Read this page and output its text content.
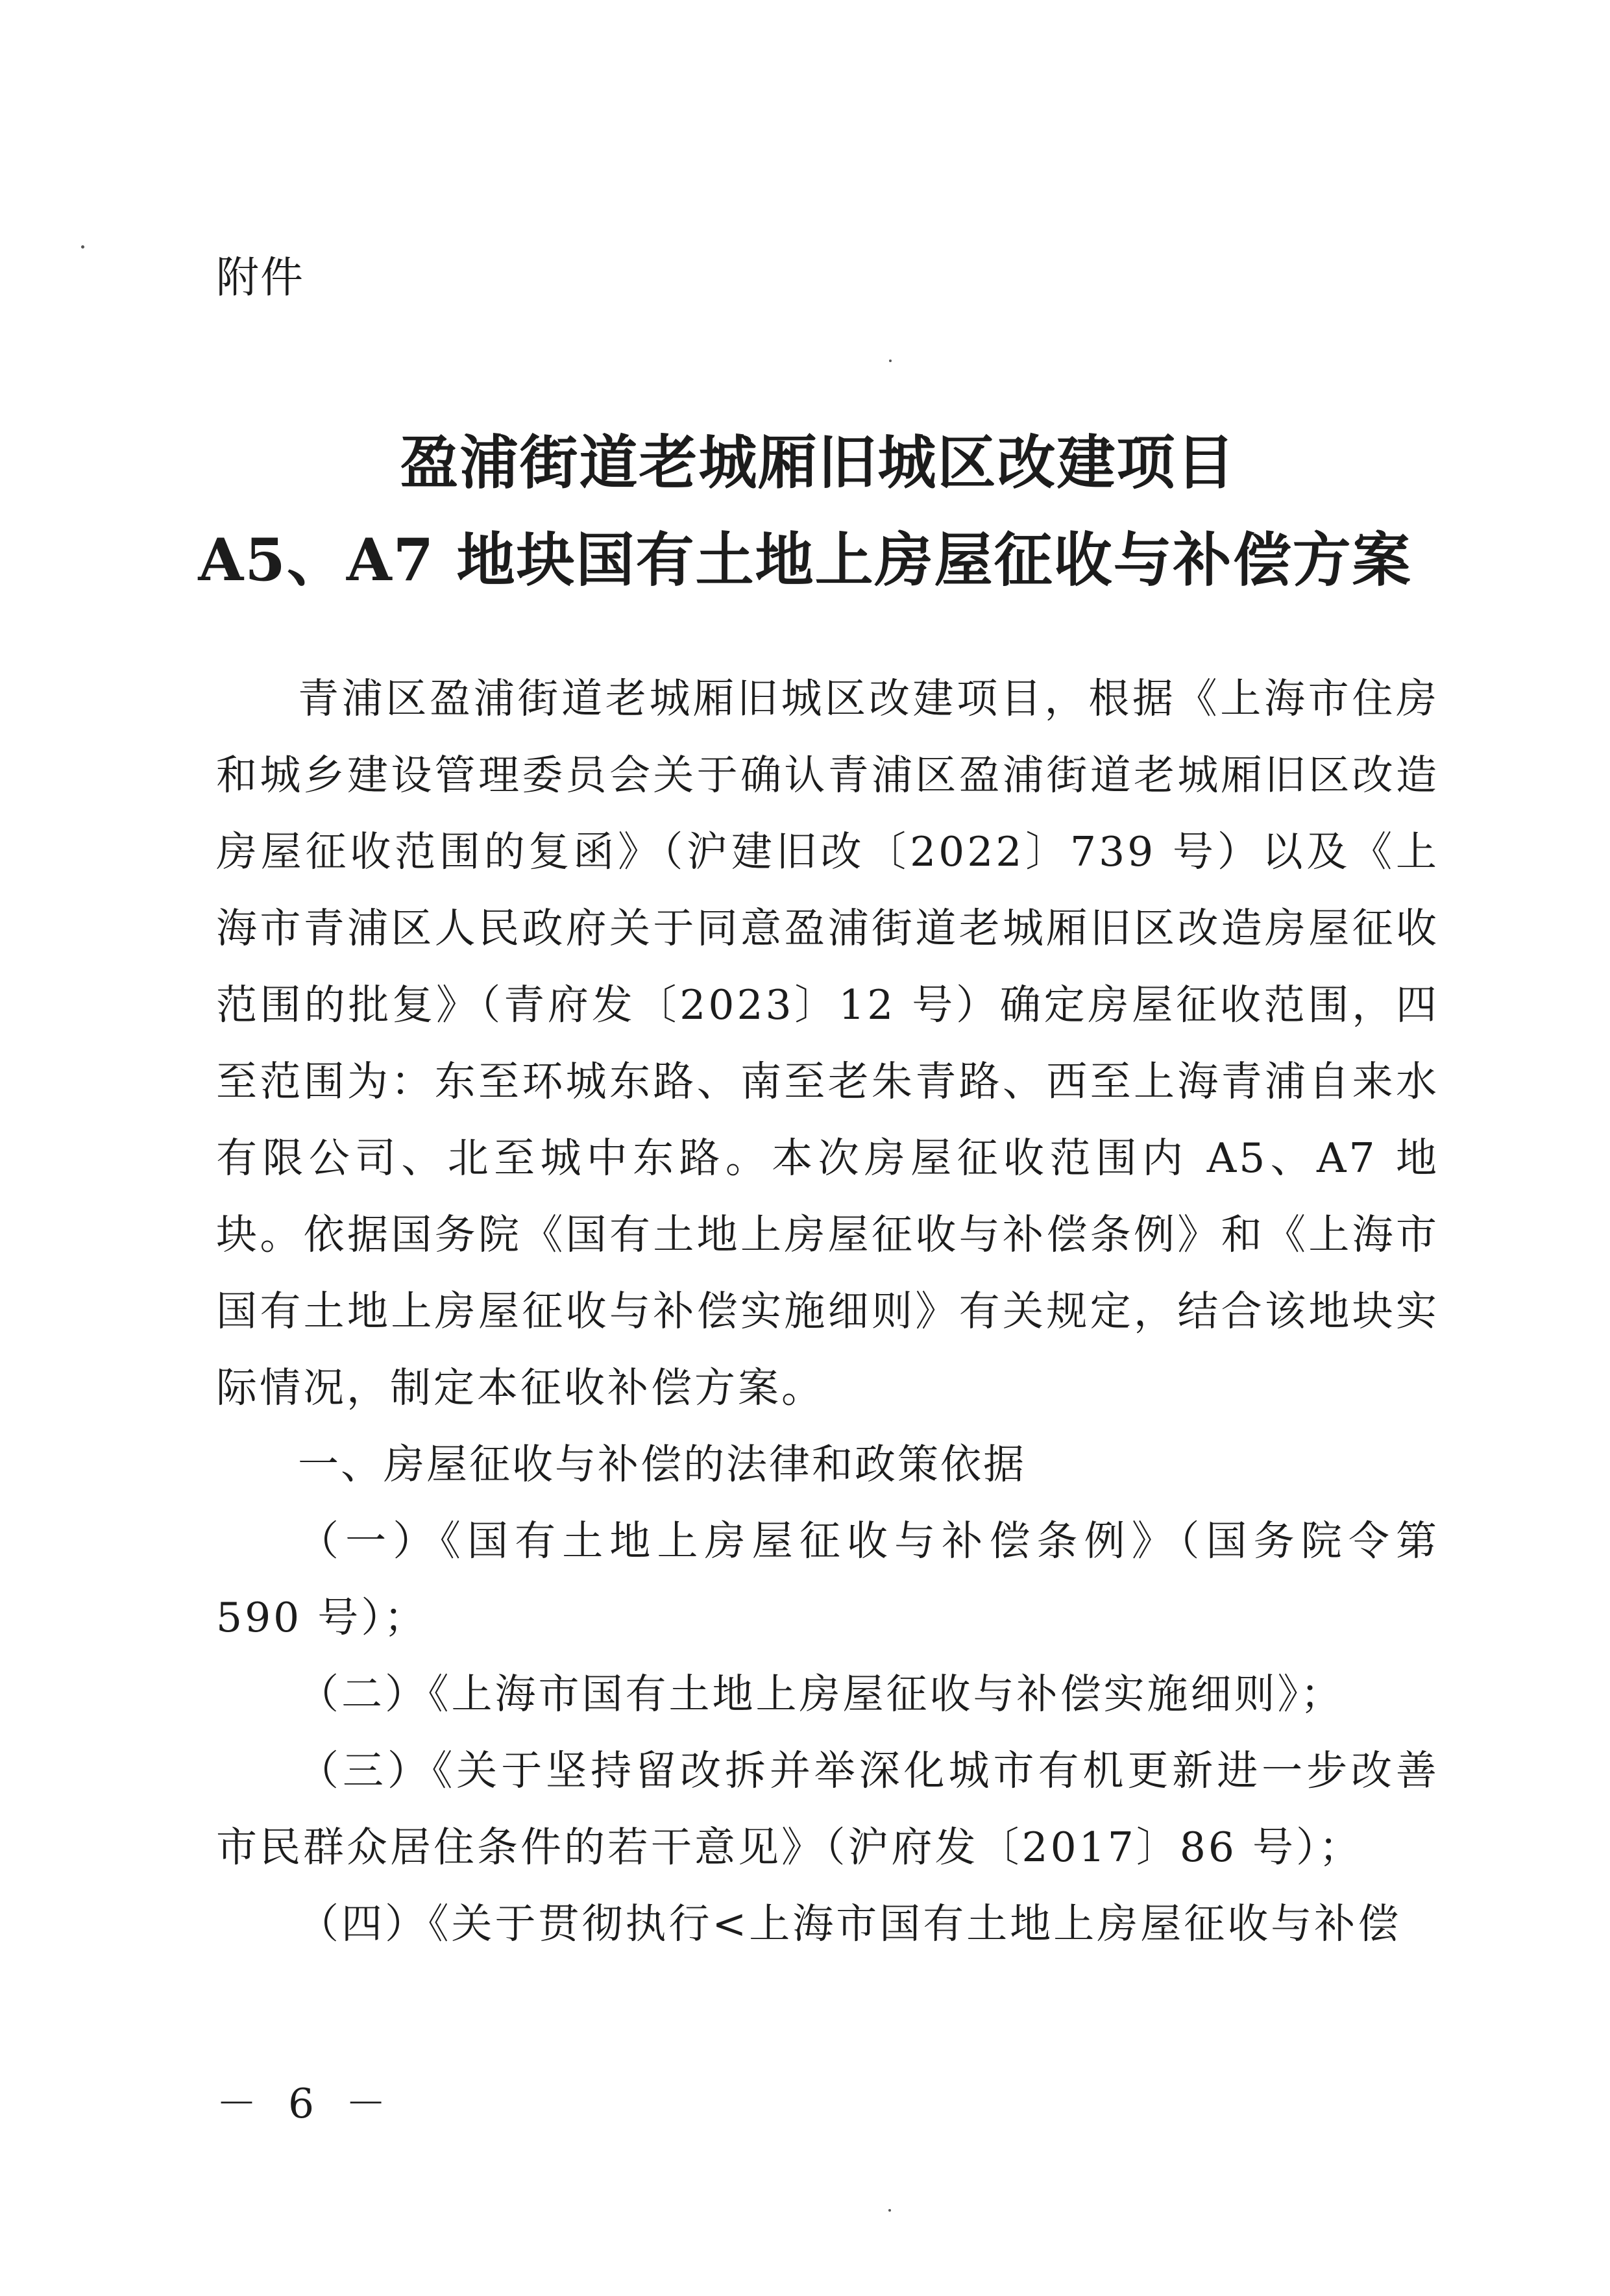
附件
盈浦街道老城厢旧城区改建项目
A5、A7 地块国有土地上房屋征收与补偿方案

青浦区盈浦街道老城厢旧城区改建项目，根据《上海市住房和城乡建设管理委员会关于确认青浦区盈浦街道老城厢旧区改造房屋征收范围的复函》（沪建旧改〔2022〕739 号）以及《上海市青浦区人民政府关于同意盈浦街道老城厢旧区改造房屋征收范围的批复》（青府发〔2023〕12 号）确定房屋征收范围，四至范围为：东至环城东路、南至老朱青路、西至上海青浦自来水有限公司、北至城中东路。本次房屋征收范围内 A5、A7 地块。依据国务院《国有土地上房屋征收与补偿条例》和《上海市国有土地上房屋征收与补偿实施细则》有关规定，结合该地块实际情况，制定本征收补偿方案。

一、房屋征收与补偿的法律和政策依据

（一）《国有土地上房屋征收与补偿条例》（国务院令第 590 号）；

（二）《上海市国有土地上房屋征收与补偿实施细则》；

（三）《关于坚持留改拆并举深化城市有机更新进一步改善市民群众居住条件的若干意见》（沪府发〔2017〕86 号）；

（四）《关于贯彻执行<上海市国有土地上房屋征收与补偿

－ 6 －
